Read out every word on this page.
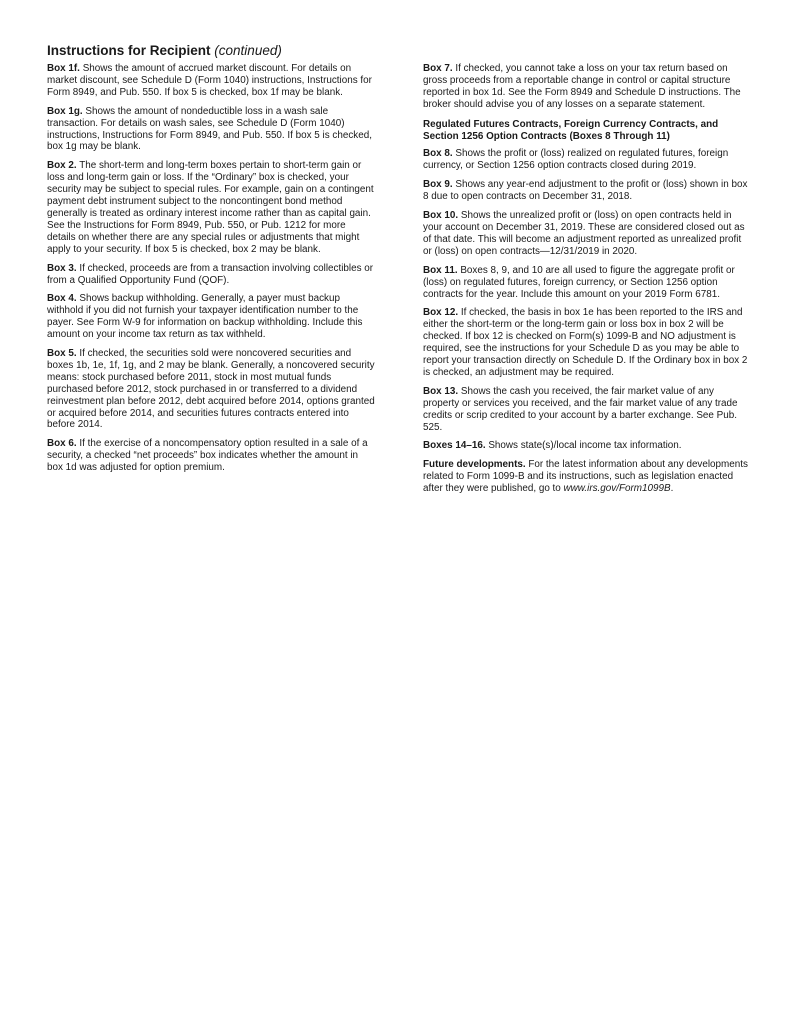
Instructions for Recipient (continued)

Box 1f. Shows the amount of accrued market discount. For details on market discount, see Schedule D (Form 1040) instructions, Instructions for Form 8949, and Pub. 550. If box 5 is checked, box 1f may be blank.

Box 1g. Shows the amount of nondeductible loss in a wash sale transaction. For details on wash sales, see Schedule D (Form 1040) instructions, Instructions for Form 8949, and Pub. 550. If box 5 is checked, box 1g may be blank.

Box 2. The short-term and long-term boxes pertain to short-term gain or loss and long-term gain or loss. If the “Ordinary” box is checked, your security may be subject to special rules. For example, gain on a contingent payment debt instrument subject to the noncontingent bond method generally is treated as ordinary interest income rather than as capital gain. See the Instructions for Form 8949, Pub. 550, or Pub. 1212 for more details on whether there are any special rules or adjustments that might apply to your security. If box 5 is checked, box 2 may be blank.

Box 3. If checked, proceeds are from a transaction involving collectibles or from a Qualified Opportunity Fund (QOF).

Box 4. Shows backup withholding. Generally, a payer must backup withhold if you did not furnish your taxpayer identification number to the payer. See Form W-9 for information on backup withholding. Include this amount on your income tax return as tax withheld.

Box 5. If checked, the securities sold were noncovered securities and boxes 1b, 1e, 1f, 1g, and 2 may be blank. Generally, a noncovered security means: stock purchased before 2011, stock in most mutual funds purchased before 2012, stock purchased in or transferred to a dividend reinvestment plan before 2012, debt acquired before 2014, options granted or acquired before 2014, and securities futures contracts entered into before 2014.

Box 6. If the exercise of a noncompensatory option resulted in a sale of a security, a checked “net proceeds” box indicates whether the amount in box 1d was adjusted for option premium.

Box 7. If checked, you cannot take a loss on your tax return based on gross proceeds from a reportable change in control or capital structure reported in box 1d. See the Form 8949 and Schedule D instructions. The broker should advise you of any losses on a separate statement.

Regulated Futures Contracts, Foreign Currency Contracts, and Section 1256 Option Contracts (Boxes 8 Through 11)

Box 8. Shows the profit or (loss) realized on regulated futures, foreign currency, or Section 1256 option contracts closed during 2019.

Box 9. Shows any year-end adjustment to the profit or (loss) shown in box 8 due to open contracts on December 31, 2018.

Box 10. Shows the unrealized profit or (loss) on open contracts held in your account on December 31, 2019. These are considered closed out as of that date. This will become an adjustment reported as unrealized profit or (loss) on open contracts—12/31/2019 in 2020.

Box 11. Boxes 8, 9, and 10 are all used to figure the aggregate profit or (loss) on regulated futures, foreign currency, or Section 1256 option contracts for the year. Include this amount on your 2019 Form 6781.

Box 12. If checked, the basis in box 1e has been reported to the IRS and either the short-term or the long-term gain or loss box in box 2 will be checked. If box 12 is checked on Form(s) 1099-B and NO adjustment is required, see the instructions for your Schedule D as you may be able to report your transaction directly on Schedule D. If the Ordinary box in box 2 is checked, an adjustment may be required.

Box 13. Shows the cash you received, the fair market value of any property or services you received, and the fair market value of any trade credits or scrip credited to your account by a barter exchange. See Pub. 525.

Boxes 14–16. Shows state(s)/local income tax information.

Future developments. For the latest information about any developments related to Form 1099-B and its instructions, such as legislation enacted after they were published, go to www.irs.gov/Form1099B.
